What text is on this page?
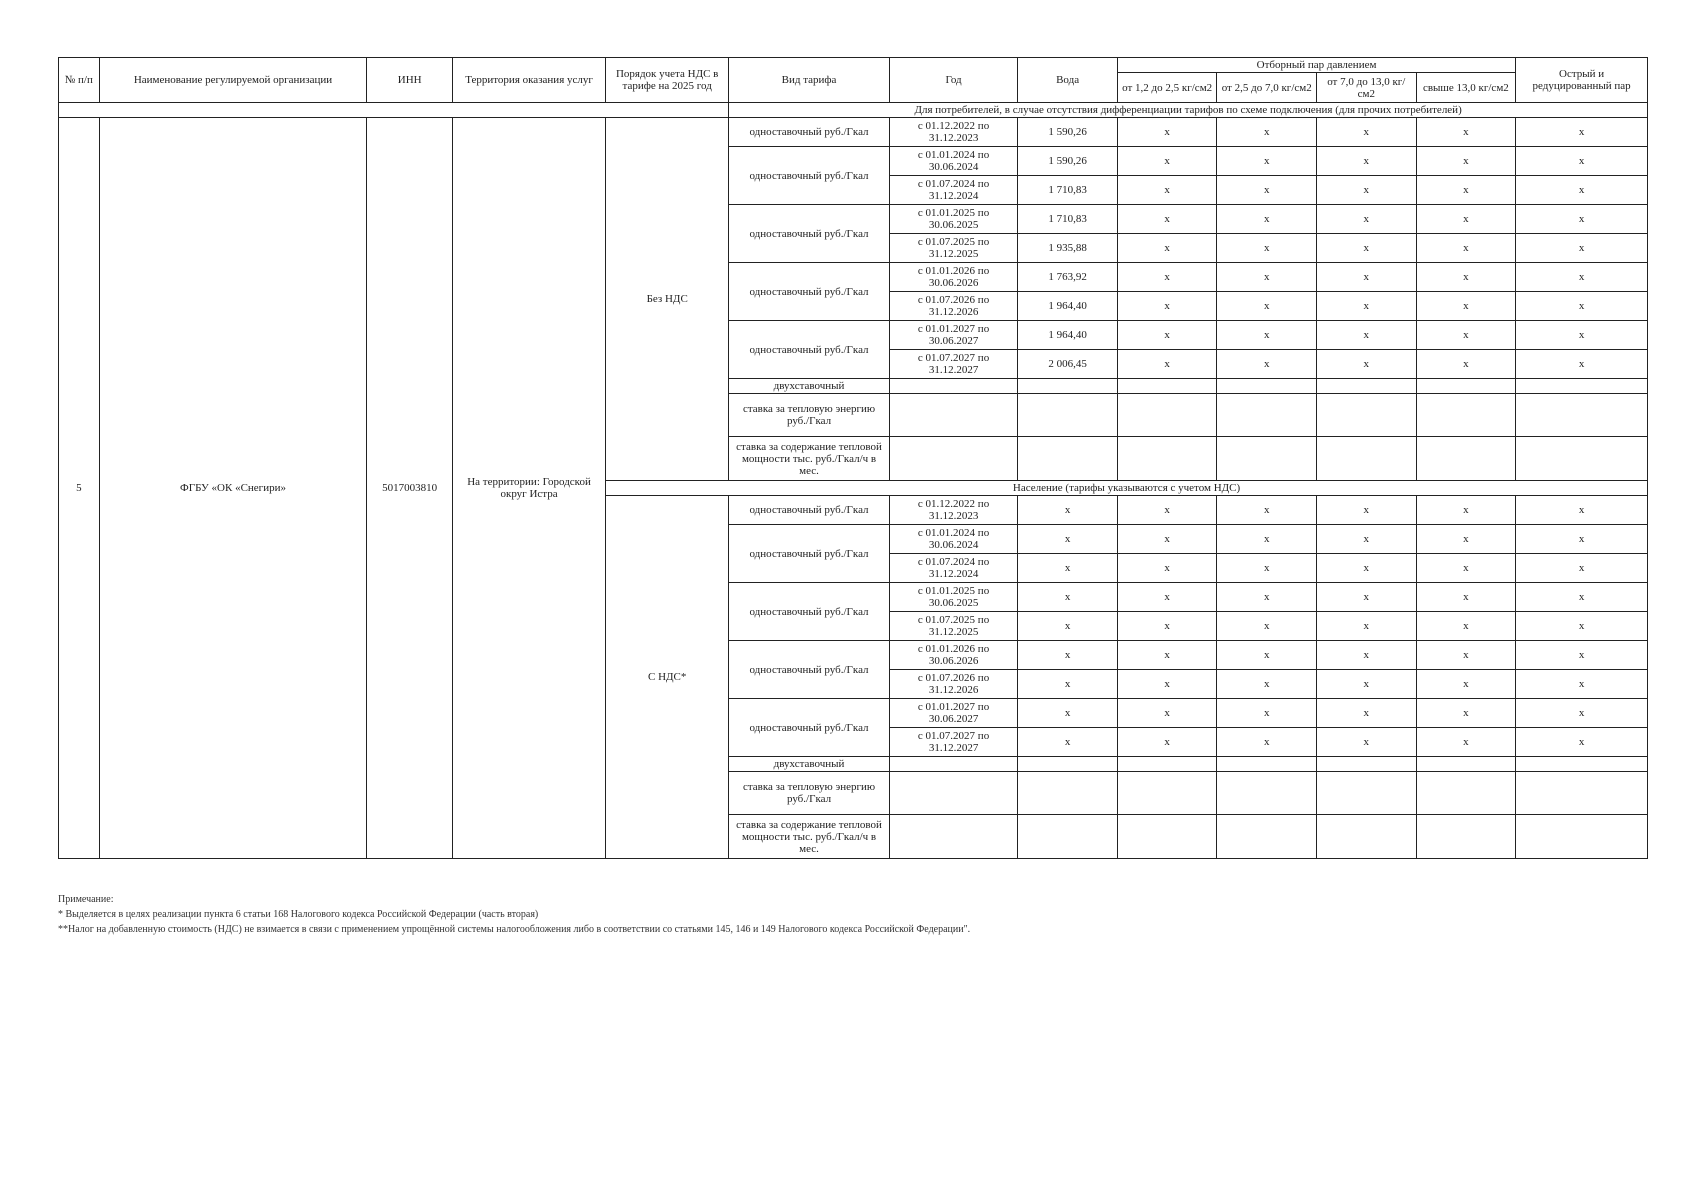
№ п/п	Наименование регулируемой организации	ИНН	Территория оказания услуг	Порядок учета НДС в тарифе на 2025 год	Вид тарифа	Год	Вода	Отборный пар давлением				Острый и редуцированный пар
								от 1,2 до 2,5 кг/см2	от 2,5 до 7,0 кг/см2	от 7,0 до 13,0 кг/см2	свыше 13,0 кг/см2	
					Для потребителей, в случае отсутствия дифференциации тарифов по схеме подключения (для прочих потребителей)							
5	ФГБУ «ОК «Снегири»	5017003810	На территории: Городской округ Истра	Без НДС	одноставочный руб./Гкал	с 01.12.2022 по 31.12.2023	1 590,26	x	x	x	x	x
					одноставочный руб./Гкал	с 01.01.2024 по 30.06.2024	1 590,26	x	x	x	x	x
						с 01.07.2024 по 31.12.2024	1 710,83	x	x	x	x	x
					одноставочный руб./Гкал	с 01.01.2025 по 30.06.2025	1 710,83	x	x	x	x	x
						с 01.07.2025 по 31.12.2025	1 935,88	x	x	x	x	x
					одноставочный руб./Гкал	с 01.01.2026 по 30.06.2026	1 763,92	x	x	x	x	x
						с 01.07.2026 по 31.12.2026	1 964,40	x	x	x	x	x
					одноставочный руб./Гкал	с 01.01.2027 по 30.06.2027	1 964,40	x	x	x	x	x
						с 01.07.2027 по 31.12.2027	2 006,45	x	x	x	x	x
					двухставочный							
					ставка за тепловую энергию руб./Гкал							
					ставка за содержание тепловой мощности тыс. руб./Гкал/ч в мес.							
				Население (тарифы указываются с учетом НДС)								
				С НДС*	одноставочный руб./Гкал	с 01.12.2022 по 31.12.2023	x	x	x	x	x	x
					одноставочный руб./Гкал	с 01.01.2024 по 30.06.2024	x	x	x	x	x	x
						с 01.07.2024 по 31.12.2024	x	x	x	x	x	x
					одноставочный руб./Гкал	с 01.01.2025 по 30.06.2025	x	x	x	x	x	x
						с 01.07.2025 по 31.12.2025	x	x	x	x	x	x
					одноставочный руб./Гкал	с 01.01.2026 по 30.06.2026	x	x	x	x	x	x
						с 01.07.2026 по 31.12.2026	x	x	x	x	x	x
					одноставочный руб./Гкал	с 01.01.2027 по 30.06.2027	x	x	x	x	x	x
						с 01.07.2027 по 31.12.2027	x	x	x	x	x	x
					двухставочный							
					ставка за тепловую энергию руб./Гкал							
					ставка за содержание тепловой мощности тыс. руб./Гкал/ч в мес.							
Примечание:
* Выделяется в целях реализации пункта 6 статьи 168 Налогового кодекса Российской Федерации (часть вторая)
**Налог на добавленную стоимость (НДС) не взимается в связи с применением упрощённой системы налогообложения либо в соответствии со статьями 145, 146 и 149 Налогового кодекса Российской Федерации".
